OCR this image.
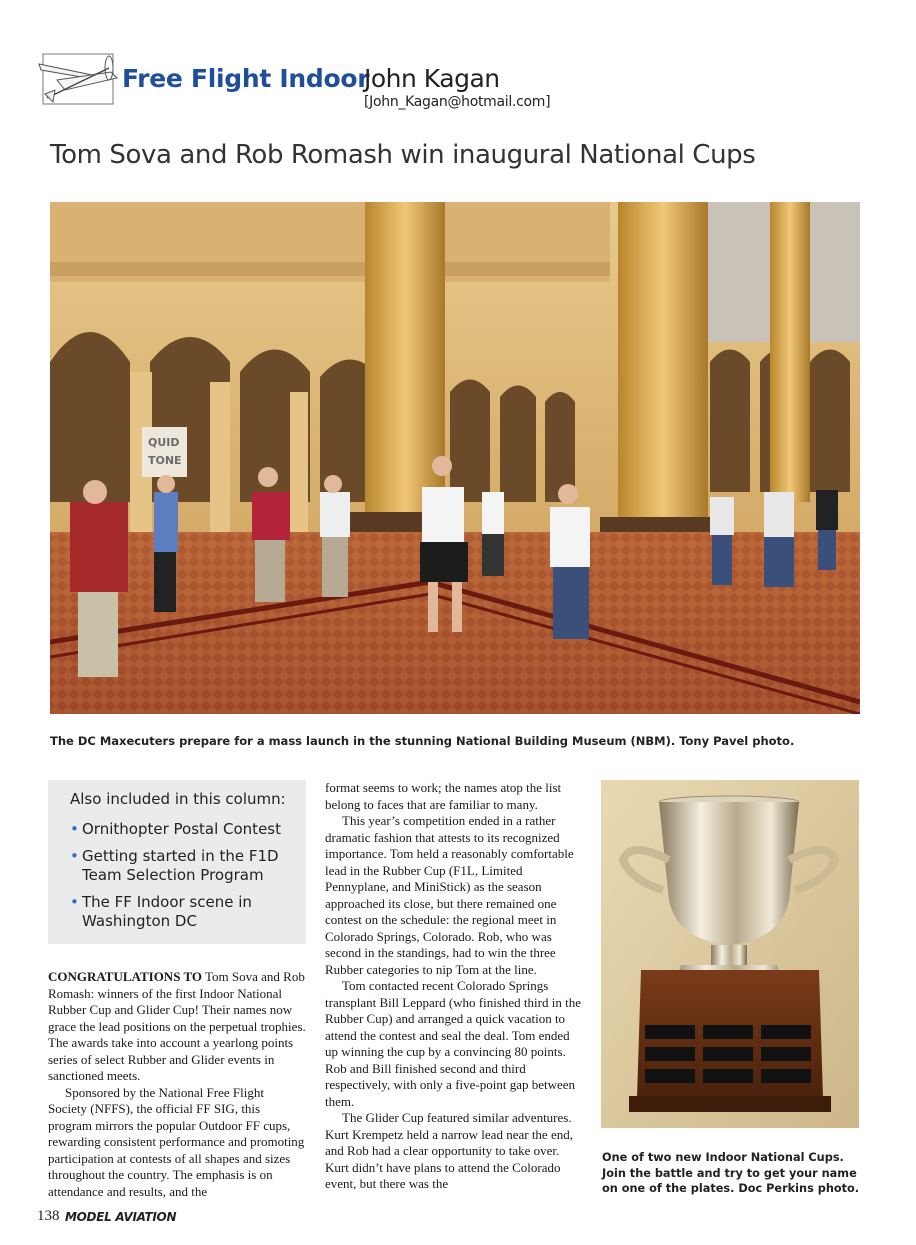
Free Flight Indoor
John Kagan
[John_Kagan@hotmail.com]
Tom Sova and Rob Romash win inaugural National Cups
QUID
TONE
The DC Maxecuters prepare for a mass launch in the stunning National Building Museum (NBM). Tony Pavel photo.
Also included in this column:
• Ornithopter Postal Contest
• Getting started in the F1D Team Selection Program
• The FF Indoor scene in Washington DC

CONGRATULATIONS TO Tom Sova and Rob Romash: winners of the first Indoor National Rubber Cup and Glider Cup! Their names now grace the lead positions on the perpetual trophies. The awards take into account a yearlong points series of select Rubber and Glider events in sanctioned meets.

Sponsored by the National Free Flight Society (NFFS), the official FF SIG, this program mirrors the popular Outdoor FF cups, rewarding consistent performance and promoting participation at contests of all shapes and sizes throughout the country. The emphasis is on attendance and results, and the

format seems to work; the names atop the list belong to faces that are familiar to many.

This year’s competition ended in a rather dramatic fashion that attests to its recognized importance. Tom held a reasonably comfortable lead in the Rubber Cup (F1L, Limited Pennyplane, and MiniStick) as the season approached its close, but there remained one contest on the schedule: the regional meet in Colorado Springs, Colorado. Rob, who was second in the standings, had to win the three Rubber categories to nip Tom at the line.

Tom contacted recent Colorado Springs transplant Bill Leppard (who finished third in the Rubber Cup) and arranged a quick vacation to attend the contest and seal the deal. Tom ended up winning the cup by a convincing 80 points. Rob and Bill finished second and third respectively, with only a five-point gap between them.

The Glider Cup featured similar adventures. Kurt Krempetz held a narrow lead near the end, and Rob had a clear opportunity to take over. Kurt didn’t have plans to attend the Colorado event, but there was the

One of two new Indoor National Cups. Join the battle and try to get your name on one of the plates. Doc Perkins photo.
138 MODEL AVIATION
